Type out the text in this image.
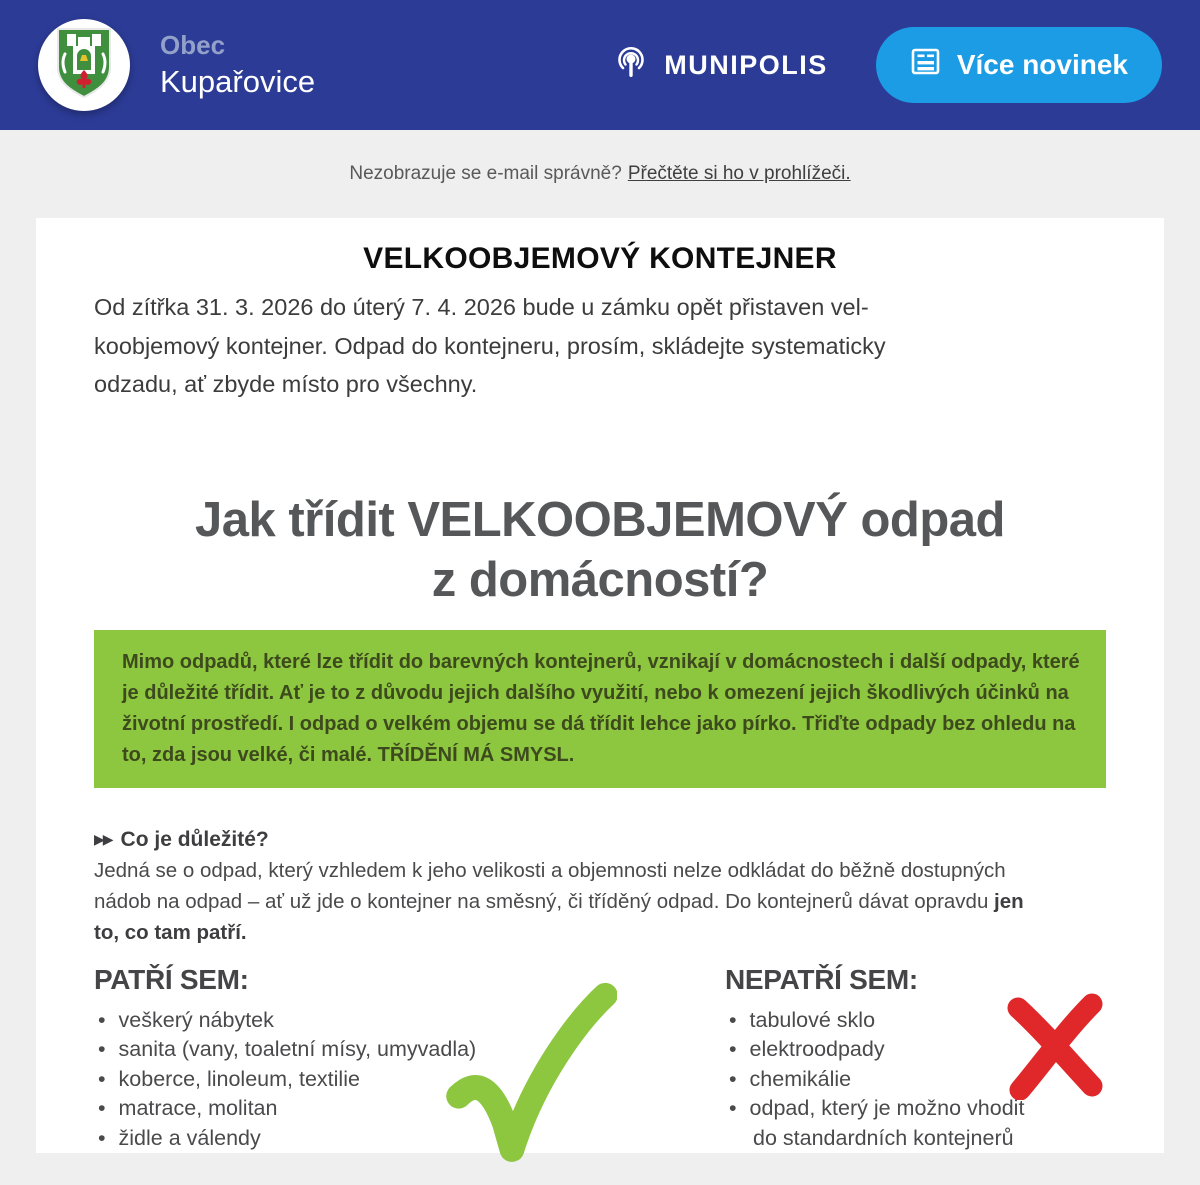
Obec
Kupařovice	MUNIPOLIS	Více novinek
Nezobrazuje se e-mail správně? Přečtěte si ho v prohlížeči.
VELKOOBJEMOVÝ KONTEJNER
Od zítřka 31. 3. 2026 do úterý 7. 4. 2026 bude u zámku opět přistaven vel-
koobjemový kontejner. Odpad do kontejneru, prosím, skládejte systematicky
odzadu, ať zbyde místo pro všechny.
Jak třídit VELKOOBJEMOVÝ odpad
z domácností?
Mimo odpadů, které lze třídit do barevných kontejnerů, vznikají v domácnostech i další odpady, které
je důležité třídit. Ať je to z důvodu jejich dalšího využití, nebo k omezení jejich škodlivých účinků na
životní prostředí. I odpad o velkém objemu se dá třídit lehce jako pírko. Třiďte odpady bez ohledu na
to, zda jsou velké, či malé. TŘÍDĚNÍ MÁ SMYSL.
▶▶ Co je důležité?
Jedná se o odpad, který vzhledem k jeho velikosti a objemnosti nelze odkládat do běžně dostupných
nádob na odpad – ať už jde o kontejner na směsný, či tříděný odpad. Do kontejnerů dávat opravdu jen
to, co tam patří.
PATŘÍ SEM:
• veškerý nábytek
• sanita (vany, toaletní mísy, umyvadla)
• koberce, linoleum, textilie
• matrace, molitan
• židle a válendy
NEPATŘÍ SEM:
• tabulové sklo
• elektroodpady
• chemikálie
• odpad, který je možno vhodit
do standardních kontejnerů
